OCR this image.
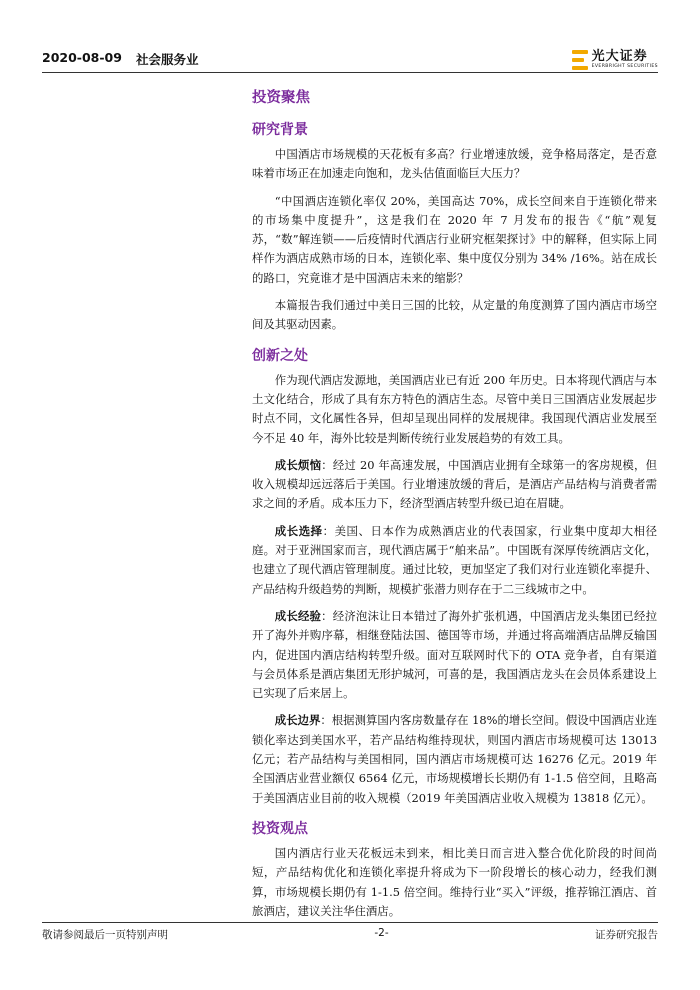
2020-08-09 社会服务业	光大证券
EVERBRIGHT SECURITIES
投资聚焦
研究背景

中国酒店市场规模的天花板有多高？行业增速放缓，竞争格局落定，是否意味着市场正在加速走向饱和，龙头估值面临巨大压力？

“中国酒店连锁化率仅 20%，美国高达 70%，成长空间来自于连锁化带来的市场集中度提升”，这是我们在 2020 年 7 月发布的报告《“航”观复苏，“数”解连锁——后疫情时代酒店行业研究框架探讨》中的解释，但实际上同样作为酒店成熟市场的日本，连锁化率、集中度仅分别为 34% /16%。站在成长的路口，究竟谁才是中国酒店未来的缩影？

本篇报告我们通过中美日三国的比较，从定量的角度测算了国内酒店市场空间及其驱动因素。

创新之处

作为现代酒店发源地，美国酒店业已有近 200 年历史。日本将现代酒店与本土文化结合，形成了具有东方特色的酒店生态。尽管中美日三国酒店业发展起步时点不同，文化属性各异，但却呈现出同样的发展规律。我国现代酒店业发展至今不足 40 年，海外比较是判断传统行业发展趋势的有效工具。

成长烦恼：经过 20 年高速发展，中国酒店业拥有全球第一的客房规模，但收入规模却远远落后于美国。行业增速放缓的背后，是酒店产品结构与消费者需求之间的矛盾。成本压力下，经济型酒店转型升级已迫在眉睫。

成长选择：美国、日本作为成熟酒店业的代表国家，行业集中度却大相径庭。对于亚洲国家而言，现代酒店属于“舶来品”。中国既有深厚传统酒店文化，也建立了现代酒店管理制度。通过比较，更加坚定了我们对行业连锁化率提升、产品结构升级趋势的判断，规模扩张潜力则存在于二三线城市之中。

成长经验：经济泡沫让日本错过了海外扩张机遇，中国酒店龙头集团已经拉开了海外并购序幕，相继登陆法国、德国等市场，并通过将高端酒店品牌反输国内，促进国内酒店结构转型升级。面对互联网时代下的 OTA 竞争者，自有渠道与会员体系是酒店集团无形护城河，可喜的是，我国酒店龙头在会员体系建设上已实现了后来居上。

成长边界：根据测算国内客房数量存在 18%的增长空间。假设中国酒店业连锁化率达到美国水平，若产品结构维持现状，则国内酒店市场规模可达 13013 亿元；若产品结构与美国相同，国内酒店市场规模可达 16276 亿元。2019 年全国酒店业营业额仅 6564 亿元，市场规模增长长期仍有 1-1.5 倍空间，且略高于美国酒店业目前的收入规模（2019 年美国酒店业收入规模为 13818 亿元）。

投资观点

国内酒店行业天花板远未到来，相比美日而言进入整合优化阶段的时间尚短，产品结构优化和连锁化率提升将成为下一阶段增长的核心动力，经我们测算，市场规模长期仍有 1-1.5 倍空间。维持行业“买入”评级，推荐锦江酒店、首旅酒店，建议关注华住酒店。

敬请参阅最后一页特别声明	-2-	证券研究报告
